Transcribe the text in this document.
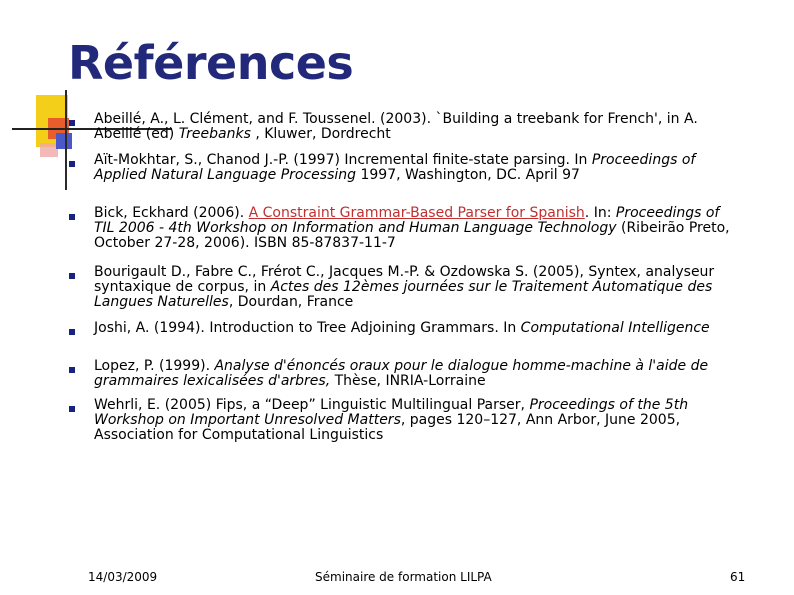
Références
Abeillé, A., L. Clément, and F. Toussenel. (2003). `Building a treebank for French', in A. Abeillé (ed) Treebanks , Kluwer, Dordrecht
Aït-Mokhtar, S., Chanod J.-P. (1997) Incremental finite-state parsing. In Proceedings of Applied Natural Language Processing 1997, Washington, DC. April 97
Bick, Eckhard (2006). A Constraint Grammar-Based Parser for Spanish. In: Proceedings of TIL 2006 - 4th Workshop on Information and Human Language Technology (Ribeirão Preto, October 27-28, 2006). ISBN 85-87837-11-7
Bourigault D., Fabre C., Frérot C., Jacques M.-P. & Ozdowska S. (2005), Syntex, analyseur syntaxique de corpus, in Actes des 12èmes journées sur le Traitement Automatique des Langues Naturelles, Dourdan, France
Joshi, A. (1994). Introduction to Tree Adjoining Grammars. In Computational Intelligence
Lopez, P. (1999). Analyse d'énoncés oraux pour le dialogue homme-machine à l'aide de grammaires lexicalisées d'arbres, Thèse, INRIA-Lorraine
Wehrli, E. (2005) Fips, a “Deep” Linguistic Multilingual Parser, Proceedings of the 5th Workshop on Important Unresolved Matters, pages 120–127, Ann Arbor, June 2005, Association for Computational Linguistics
14/03/2009	Séminaire de formation LILPA	61
